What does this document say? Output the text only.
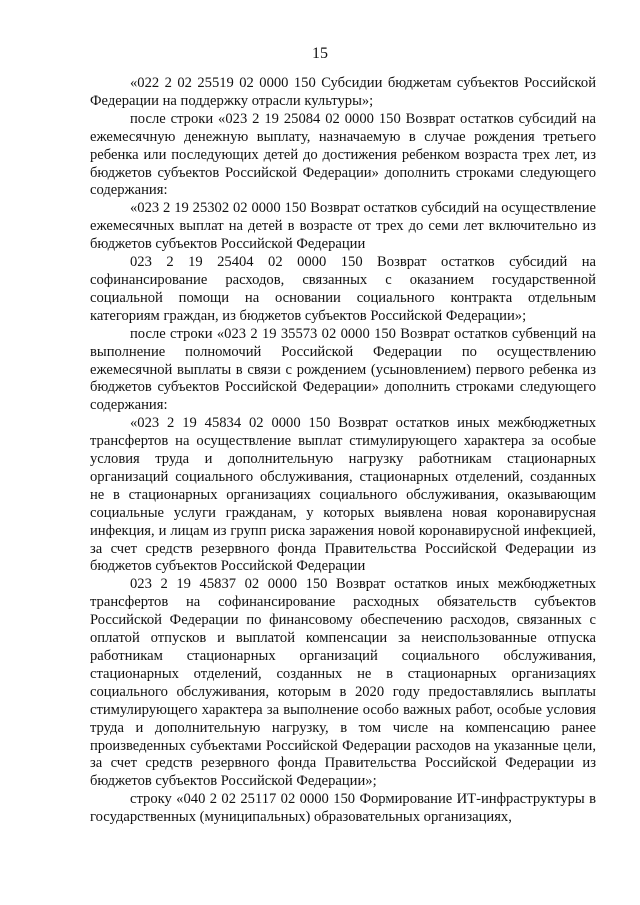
15

«022 2 02 25519 02 0000 150 Субсидии бюджетам субъектов Российской Федерации на поддержку отрасли культуры»;

после строки «023 2 19 25084 02 0000 150 Возврат остатков субсидий на ежемесячную денежную выплату, назначаемую в случае рождения третьего ребенка или последующих детей до достижения ребенком возраста трех лет, из бюджетов субъектов Российской Федерации» дополнить строками следующего содержания:

«023 2 19 25302 02 0000 150 Возврат остатков субсидий на осуществление ежемесячных выплат на детей в возрасте от трех до семи лет включительно из бюджетов субъектов Российской Федерации

023 2 19 25404 02 0000 150 Возврат остатков субсидий на софинансирование расходов, связанных с оказанием государственной социальной помощи на основании социального контракта отдельным категориям граждан, из бюджетов субъектов Российской Федерации»;

после строки «023 2 19 35573 02 0000 150 Возврат остатков субвенций на выполнение полномочий Российской Федерации по осуществлению ежемесячной выплаты в связи с рождением (усыновлением) первого ребенка из бюджетов субъектов Российской Федерации» дополнить строками следующего содержания:

«023 2 19 45834 02 0000 150 Возврат остатков иных межбюджетных трансфертов на осуществление выплат стимулирующего характера за особые условия труда и дополнительную нагрузку работникам стационарных организаций социального обслуживания, стационарных отделений, созданных не в стационарных организациях социального обслуживания, оказывающим социальные услуги гражданам, у которых выявлена новая коронавирусная инфекция, и лицам из групп риска заражения новой коронавирусной инфекцией, за счет средств резервного фонда Правительства Российской Федерации из бюджетов субъектов Российской Федерации

023 2 19 45837 02 0000 150 Возврат остатков иных межбюджетных трансфертов на софинансирование расходных обязательств субъектов Российской Федерации по финансовому обеспечению расходов, связанных с оплатой отпусков и выплатой компенсации за неиспользованные отпуска работникам стационарных организаций социального обслуживания, стационарных отделений, созданных не в стационарных организациях социального обслуживания, которым в 2020 году предоставлялись выплаты стимулирующего характера за выполнение особо важных работ, особые условия труда и дополнительную нагрузку, в том числе на компенсацию ранее произведенных субъектами Российской Федерации расходов на указанные цели, за счет средств резервного фонда Правительства Российской Федерации из бюджетов субъектов Российской Федерации»;

строку «040 2 02 25117 02 0000 150 Формирование ИТ-инфраструктуры в государственных (муниципальных) образовательных организациях,
